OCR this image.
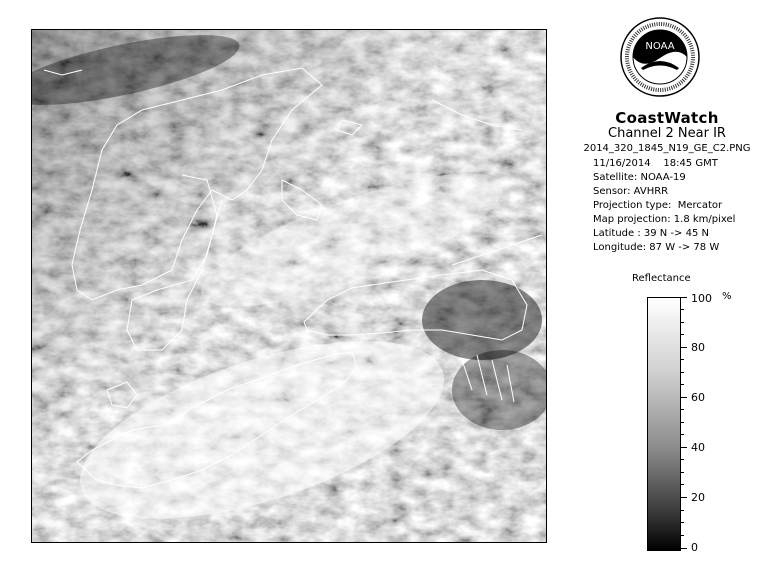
NOAA
CoastWatch
Channel 2 Near IR
2014_320_1845_N19_GE_C2.PNG
11/16/2014    18:45 GMT
Satellite: NOAA-19
Sensor: AVHRR
Projection type:  Mercator
Map projection: 1.8 km/pixel
Latitude : 39 N -> 45 N
Longitude: 87 W -> 78 W
Reflectance
%
100
80
60
40
20
0
